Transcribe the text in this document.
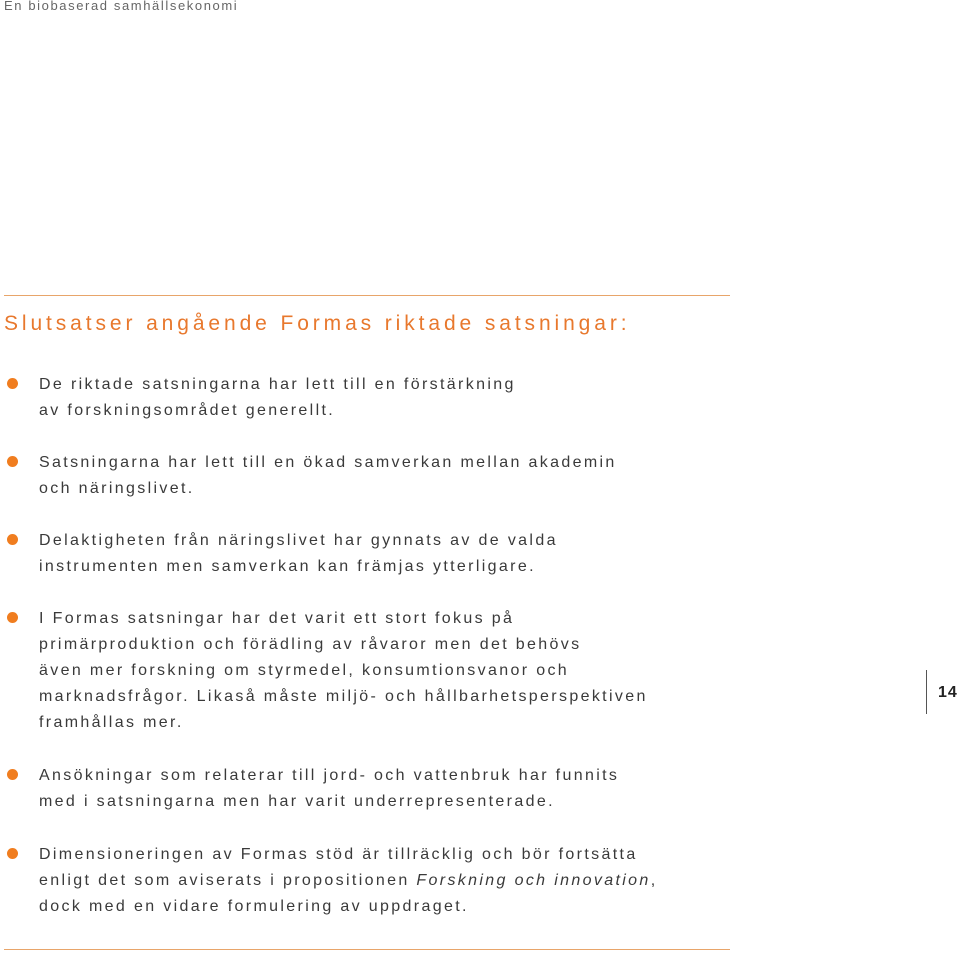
En biobaserad samhällsekonomi
Slutsatser angående Formas riktade satsningar:
De riktade satsningarna har lett till en förstärkning
av forskningsområdet generellt.
Satsningarna har lett till en ökad samverkan mellan akademin
och näringslivet.
Delaktigheten från näringslivet har gynnats av de valda
instrumenten men samverkan kan främjas ytterligare.
I Formas satsningar har det varit ett stort fokus på
primärproduktion och förädling av råvaror men det behövs
även mer forskning om styrmedel, konsumtionsvanor och
marknadsfrågor. Likaså måste miljö- och hållbarhetsperspektiven
framhållas mer.
Ansökningar som relaterar till jord- och vattenbruk har funnits
med i satsningarna men har varit underrepresenterade.
Dimensioneringen av Formas stöd är tillräcklig och bör fortsätta
enligt det som aviserats i propositionen Forskning och innovation,
dock med en vidare formulering av uppdraget.
14
